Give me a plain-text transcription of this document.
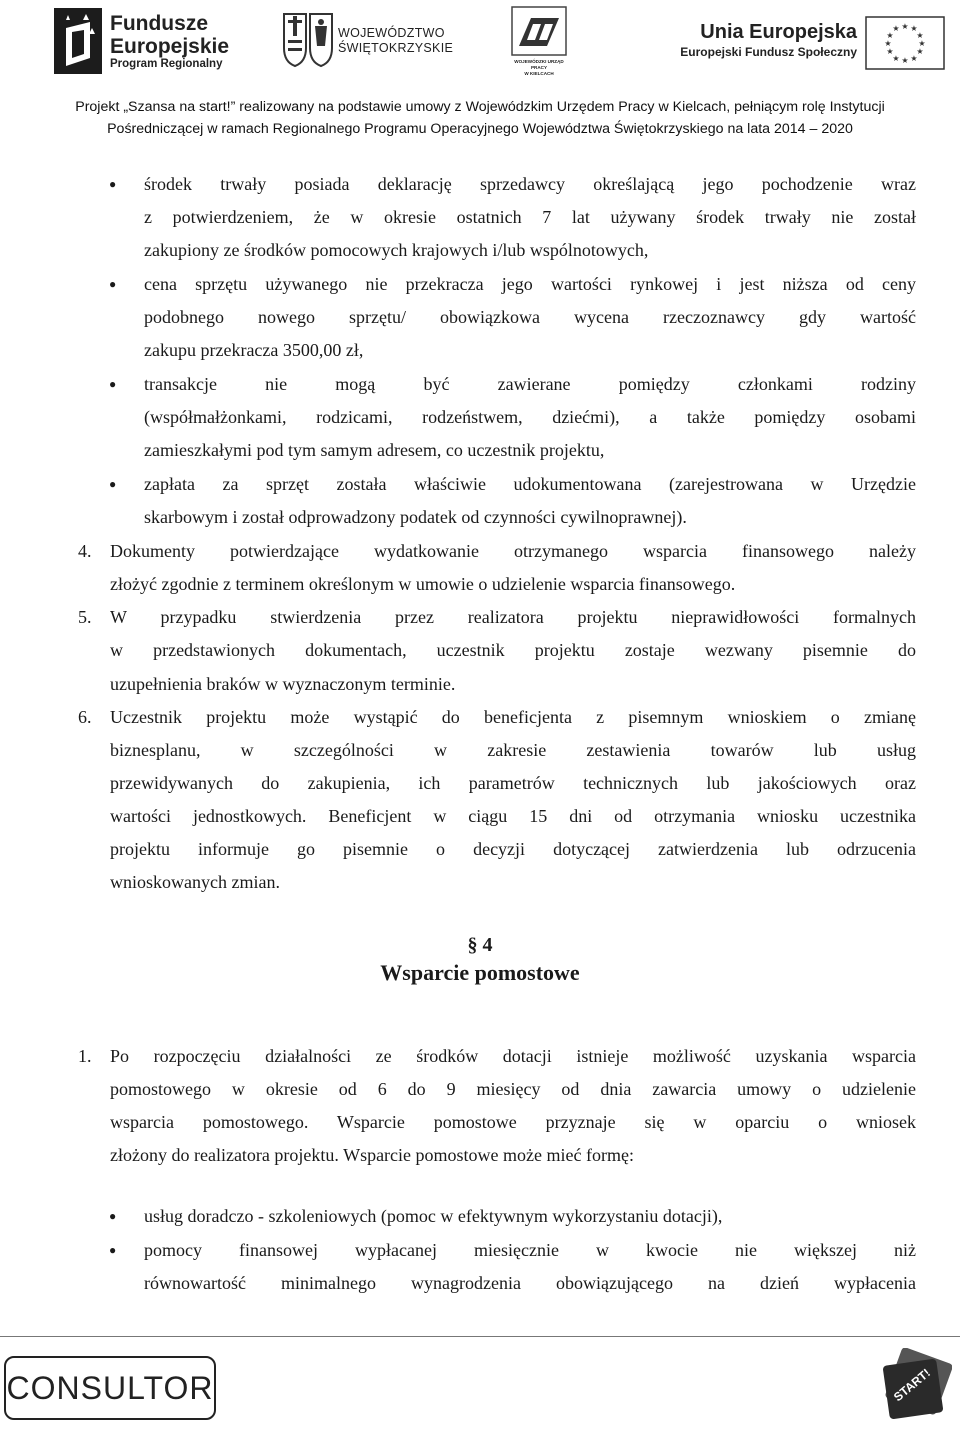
Fundusze
Europejskie
Program Regionalny
WOJEWÓDZTWO
ŚWIĘTOKRZYSKIE
WOJEWÓDZKI URZĄD PRACY
W KIELCACH
Unia Europejska
Europejski Fundusz Społeczny
★ ★
★
★
★
★
★
★
★
★
★
★
Projekt „Szansa na start!” realizowany na podstawie umowy z Wojewódzkim Urzędem Pracy w Kielcach, pełniącym rolę Instytucji
Pośredniczącej w ramach Regionalnego Programu Operacyjnego Województwa Świętokrzyskiego na lata 2014 – 2020
● środek trwały posiada deklarację sprzedawcy określającą jego pochodzenie wraz
z potwierdzeniem, że w okresie ostatnich 7 lat używany środek trwały nie został
zakupiony ze środków pomocowych krajowych i/lub wspólnotowych,
● cena sprzętu używanego nie przekracza jego wartości rynkowej i jest niższa od ceny
podobnego nowego sprzętu/ obowiązkowa wycena rzeczoznawcy gdy wartość
zakupu przekracza 3500,00 zł,
● transakcje nie mogą być zawierane pomiędzy członkami rodziny
(współmałżonkami, rodzicami, rodzeństwem, dziećmi), a także pomiędzy osobami
zamieszkałymi pod tym samym adresem, co uczestnik projektu,
● zapłata za sprzęt została właściwie udokumentowana (zarejestrowana w Urzędzie
skarbowym i został odprowadzony podatek od czynności cywilnoprawnej).
4. Dokumenty potwierdzające wydatkowanie otrzymanego wsparcia finansowego należy
złożyć zgodnie z terminem określonym w umowie o udzielenie wsparcia finansowego.
5. W przypadku stwierdzenia przez realizatora projektu nieprawidłowości formalnych
w przedstawionych dokumentach, uczestnik projektu zostaje wezwany pisemnie do
uzupełnienia braków w wyznaczonym terminie.
6. Uczestnik projektu może wystąpić do beneficjenta z pisemnym wnioskiem o zmianę
biznesplanu, w szczególności w zakresie zestawienia towarów lub usług
przewidywanych do zakupienia, ich parametrów technicznych lub jakościowych oraz
wartości jednostkowych. Beneficjent w ciągu 15 dni od otrzymania wniosku uczestnika
projektu informuje go pisemnie o decyzji dotyczącej zatwierdzenia lub odrzucenia
wnioskowanych zmian.
§ 4
Wsparcie pomostowe
1. Po rozpoczęciu działalności ze środków dotacji istnieje możliwość uzyskania wsparcia
pomostowego w okresie od 6 do 9 miesięcy od dnia zawarcia umowy o udzielenie
wsparcia pomostowego. Wsparcie pomostowe przyznaje się w oparciu o wniosek
złożony do realizatora projektu. Wsparcie pomostowe może mieć formę:
● usług doradczo - szkoleniowych (pomoc w efektywnym wykorzystaniu dotacji),
● pomocy finansowej wypłacanej miesięcznie w kwocie nie większej niż
równowartość minimalnego wynagrodzenia obowiązującego na dzień wypłacenia
CONSULTOR	START!
